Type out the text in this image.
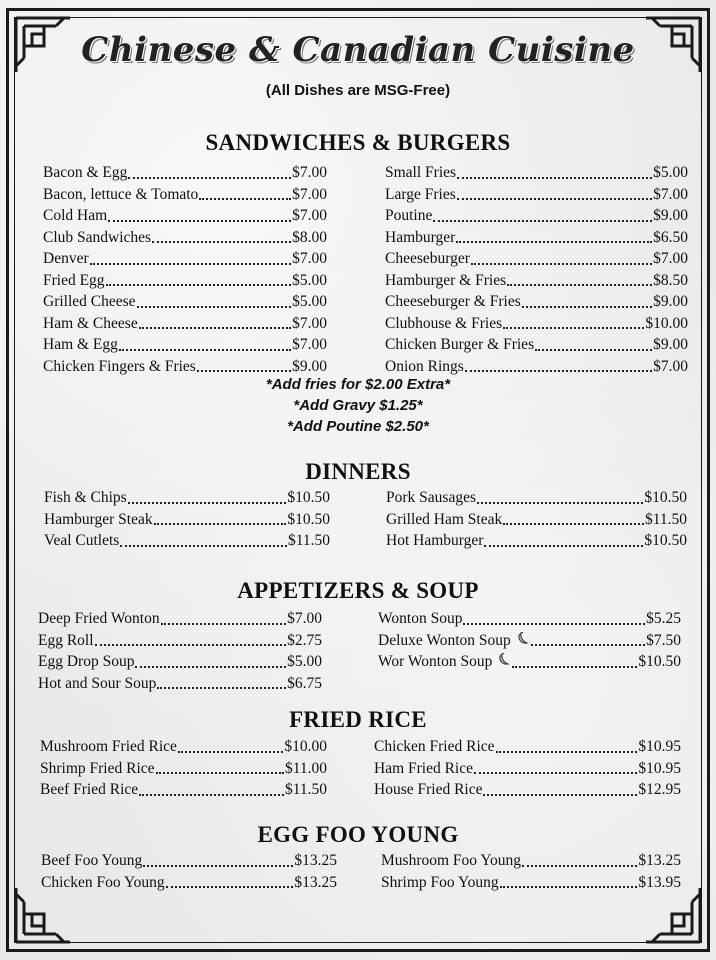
Chinese & Canadian Cuisine
(All Dishes are MSG-Free)
SANDWICHES & BURGERS
Bacon & Egg	$7.00
Bacon, lettuce & Tomato	$7.00
Cold Ham	$7.00
Club Sandwiches	$8.00
Denver	$7.00
Fried Egg	$5.00
Grilled Cheese	$5.00
Ham & Cheese	$7.00
Ham & Egg	$7.00
Chicken Fingers & Fries	$9.00
Small Fries	$5.00
Large Fries	$7.00
Poutine	$9.00
Hamburger	$6.50
Cheeseburger	$7.00
Hamburger & Fries	$8.50
Cheeseburger & Fries	$9.00
Clubhouse & Fries	$10.00
Chicken Burger & Fries	$9.00
Onion Rings	$7.00
*Add fries for $2.00 Extra*
*Add Gravy $1.25*
*Add Poutine $2.50*
DINNERS
Fish & Chips	$10.50
Hamburger Steak	$10.50
Veal Cutlets	$11.50
Pork Sausages	$10.50
Grilled Ham Steak	$11.50
Hot Hamburger	$10.50
APPETIZERS & SOUP
Deep Fried Wonton	$7.00
Egg Roll	$2.75
Egg Drop Soup	$5.00
Hot and Sour Soup	$6.75
Wonton Soup	$5.25
Deluxe Wonton Soup	$7.50
Wor Wonton Soup	$10.50
FRIED RICE
Mushroom Fried Rice	$10.00
Shrimp Fried Rice	$11.00
Beef Fried Rice	$11.50
Chicken Fried Rice	$10.95
Ham Fried Rice	$10.95
House Fried Rice	$12.95
EGG FOO YOUNG
Beef Foo Young	$13.25
Chicken Foo Young	$13.25
Mushroom Foo Young	$13.25
Shrimp Foo Young	$13.95
